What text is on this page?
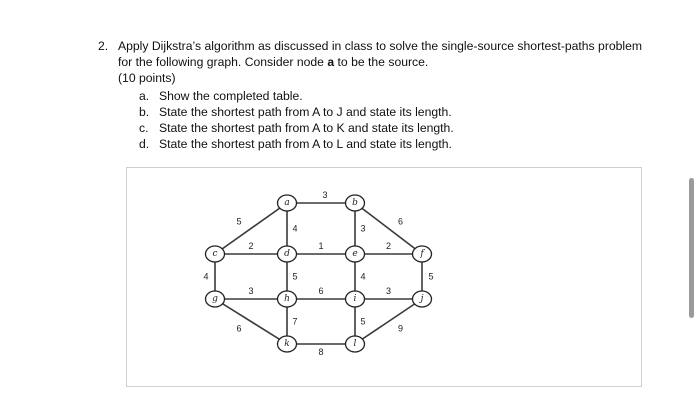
2. Apply Dijkstra’s algorithm as discussed in class to solve the single-source shortest-paths problem
for the following graph. Consider node a to be the source.
(10 points)
a. Show the completed table.
b. State the shortest path from A to J and state its length.
c. State the shortest path from A to K and state its length.
d. State the shortest path from A to L and state its length.
3
5
4	3
6
2	1	2
4	5	4	5
3	6	3
6
7	5
8
9
a	b
c	d	e	f
g	h	i	j
k	l
